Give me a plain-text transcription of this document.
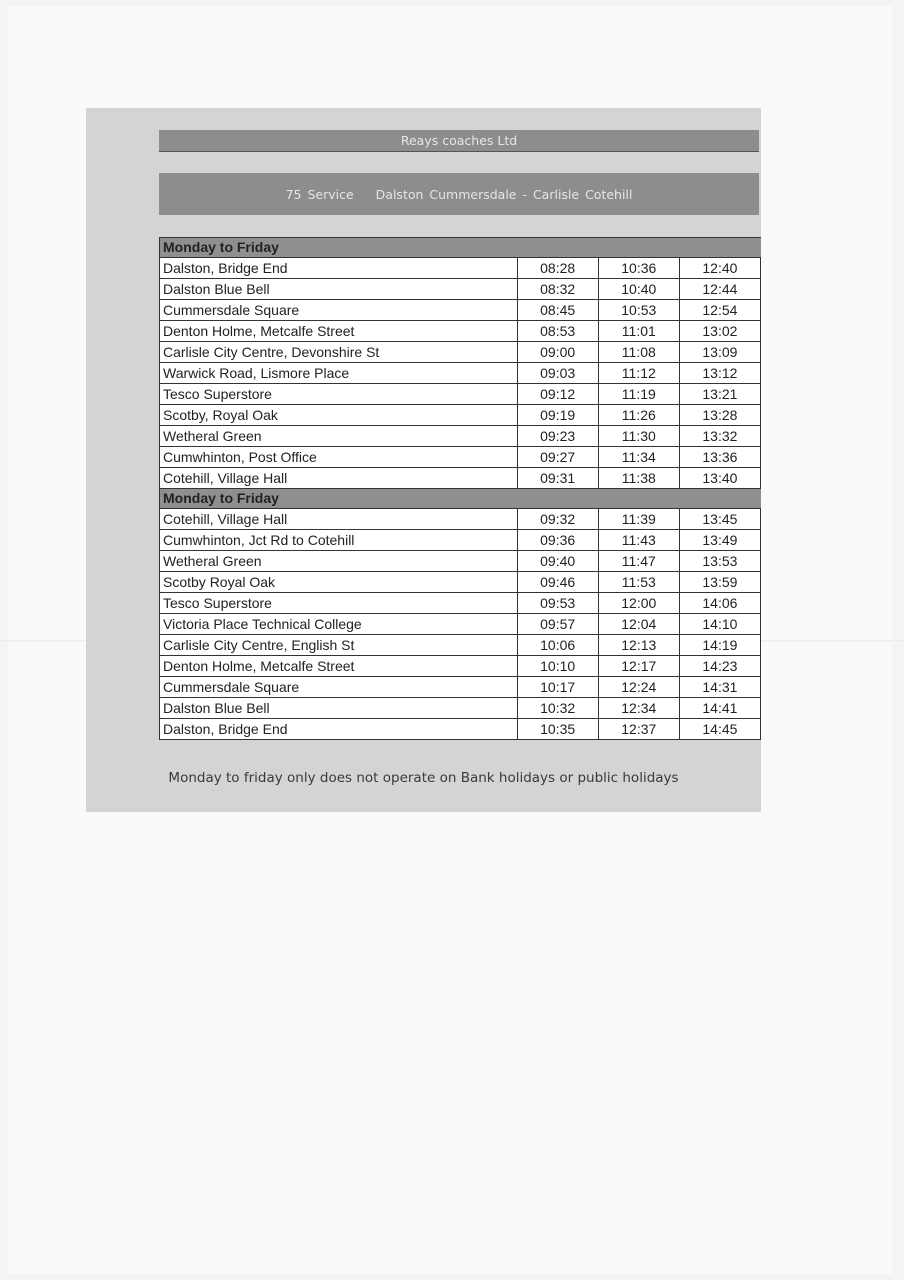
Reays coaches Ltd
75 Service Dalston Cummersdale - Carlisle Cotehill
Monday to Friday			
Dalston, Bridge End	08:28	10:36	12:40
Dalston Blue Bell	08:32	10:40	12:44
Cummersdale Square	08:45	10:53	12:54
Denton Holme, Metcalfe Street	08:53	11:01	13:02
Carlisle City Centre, Devonshire St	09:00	11:08	13:09
Warwick Road, Lismore Place	09:03	11:12	13:12
Tesco Superstore	09:12	11:19	13:21
Scotby, Royal Oak	09:19	11:26	13:28
Wetheral Green	09:23	11:30	13:32
Cumwhinton, Post Office	09:27	11:34	13:36
Cotehill, Village Hall	09:31	11:38	13:40
Monday to Friday			
Cotehill, Village Hall	09:32	11:39	13:45
Cumwhinton, Jct Rd to Cotehill	09:36	11:43	13:49
Wetheral Green	09:40	11:47	13:53
Scotby Royal Oak	09:46	11:53	13:59
Tesco Superstore	09:53	12:00	14:06
Victoria Place Technical College	09:57	12:04	14:10
Carlisle City Centre, English St	10:06	12:13	14:19
Denton Holme, Metcalfe Street	10:10	12:17	14:23
Cummersdale Square	10:17	12:24	14:31
Dalston Blue Bell	10:32	12:34	14:41
Dalston, Bridge End	10:35	12:37	14:45
Monday to friday only does not operate on Bank holidays or public holidays
